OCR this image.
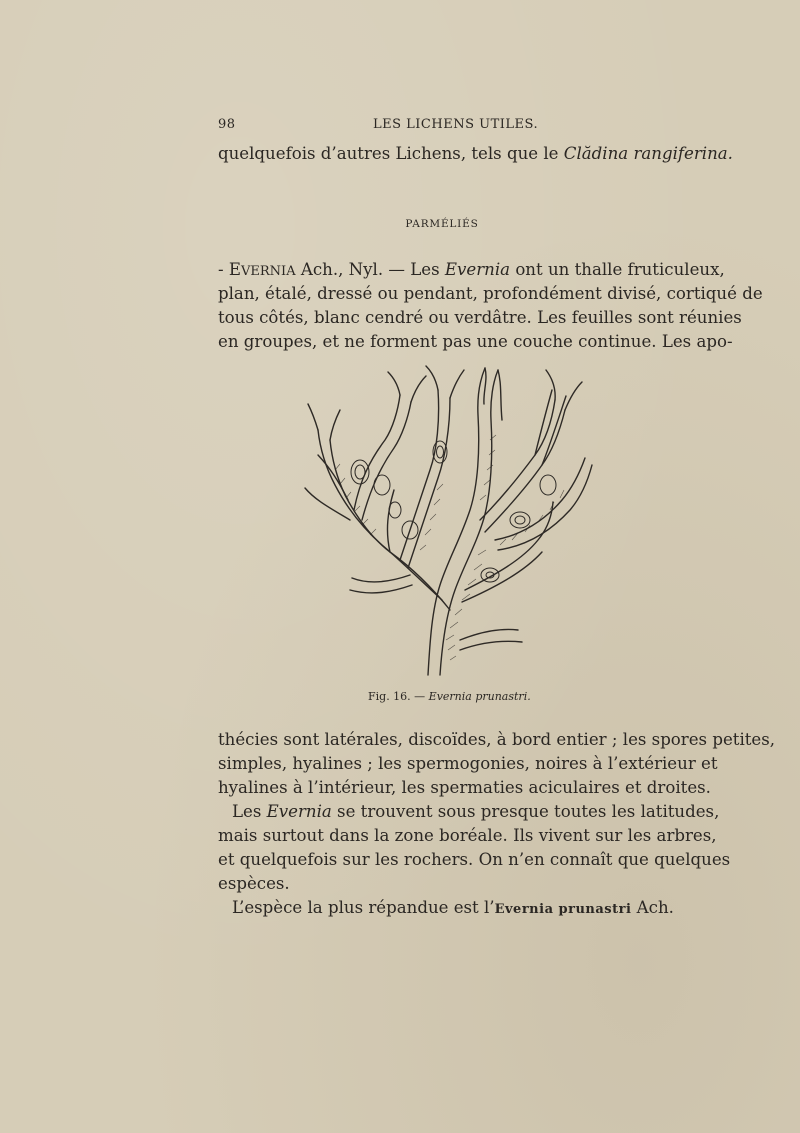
98	LES LICHENS UTILES.
quelquefois d’autres Lichens, tels que le Clădina rangiferina.
PARMÉLIÉS
- EVERNIA Ach., Nyl. — Les Evernia ont un thalle fruticuleux,
plan, étalé, dressé ou pendant, profondément divisé, cortiqué de
tous côtés, blanc cendré ou verdâtre. Les feuilles sont réunies
en groupes, et ne forment pas une couche continue. Les apo-
Fig. 16. — Evernia prunastri.
thécies sont latérales, discoïdes, à bord entier ; les spores petites,
simples, hyalines ; les spermogonies, noires à l’extérieur et
hyalines à l’intérieur, les spermaties aciculaires et droites.
Les Evernia se trouvent sous presque toutes les latitudes,
mais surtout dans la zone boréale. Ils vivent sur les arbres,
et quelquefois sur les rochers. On n’en connaît que quelques
espèces.
L’espèce la plus répandue est l’Evernia prunastri Ach.
